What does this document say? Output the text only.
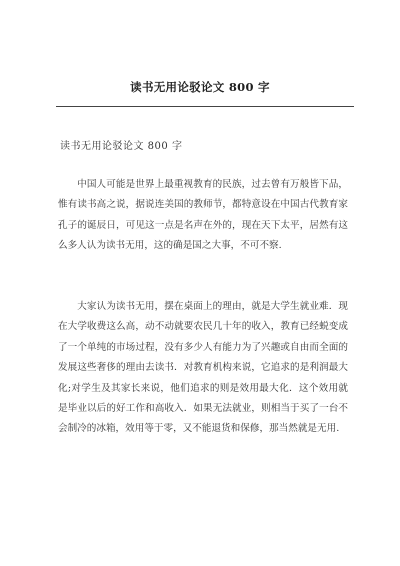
读书无用论驳论文 800 字
读书无用论驳论文 800 字

中国人可能是世界上最重视教育的民族，过去曾有万般皆下品，惟有读书高之说，据说连美国的教师节，都特意设在中国古代教育家孔子的诞辰日，可见这一点是名声在外的，现在天下太平，居然有这么多人认为读书无用，这的确是国之大事，不可不察.

大家认为读书无用，摆在桌面上的理由，就是大学生就业难．现在大学收费这么高，动不动就要农民几十年的收入，教育已经蜕变成了一个单纯的市场过程，没有多少人有能力为了兴趣或自由而全面的发展这些奢侈的理由去读书．对教育机构来说，它追求的是利润最大化;对学生及其家长来说，他们追求的则是效用最大化．这个效用就是毕业以后的好工作和高收入．如果无法就业，则相当于买了一台不会制冷的冰箱，效用等于零，又不能退货和保修，那当然就是无用.
